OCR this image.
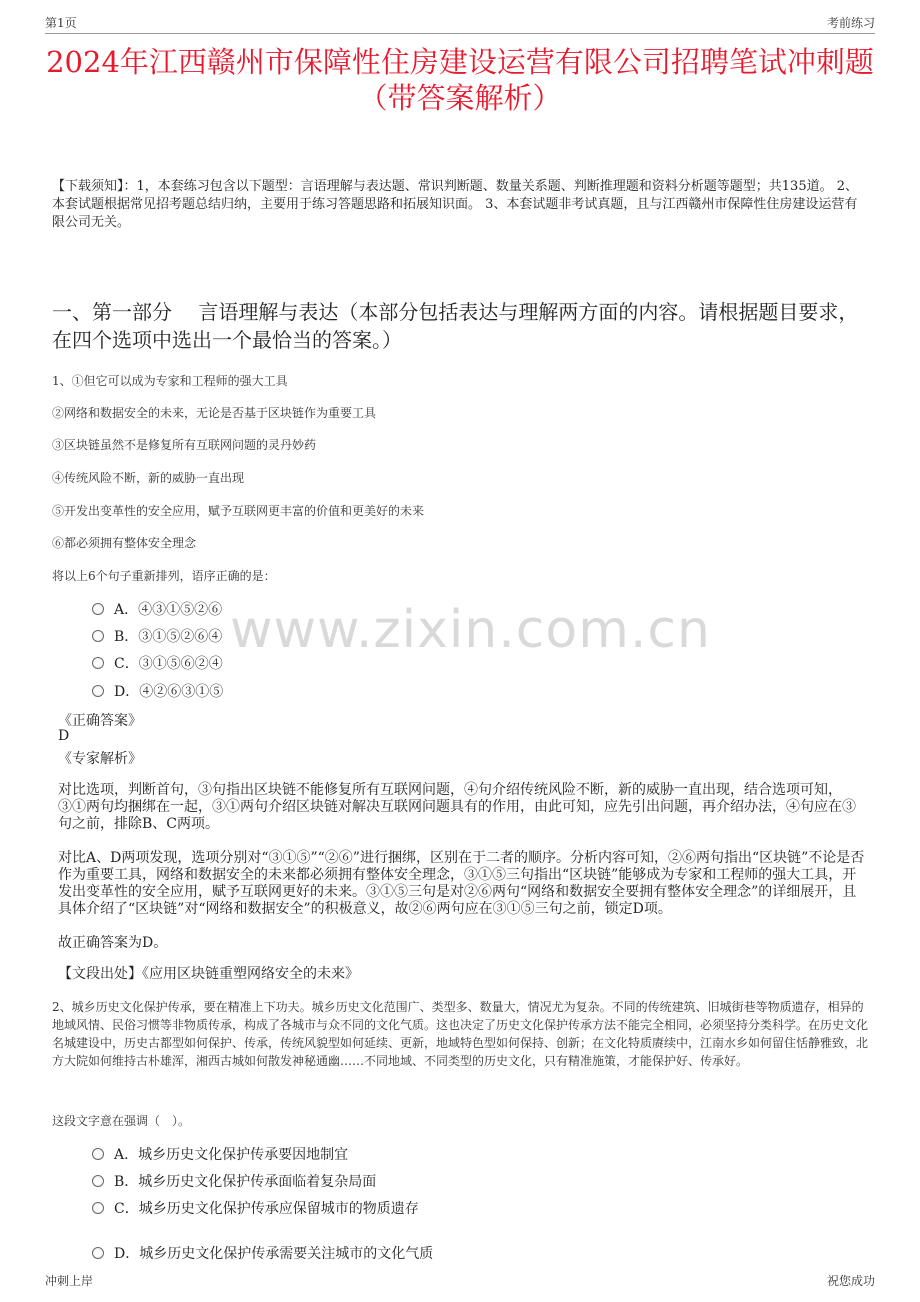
第1页	考前练习
2024年江西赣州市保障性住房建设运营有限公司招聘笔试冲刺题（带答案解析）
【下载须知】：1，本套练习包含以下题型：言语理解与表达题、常识判断题、数量关系题、判断推理题和资料分析题等题型；共135道。 2、本套试题根据常见招考题总结归纳，主要用于练习答题思路和拓展知识面。 3、本套试题非考试真题，且与江西赣州市保障性住房建设运营有限公司无关。
一、第一部分　 言语理解与表达（本部分包括表达与理解两方面的内容。请根据题目要求，在四个选项中选出一个最恰当的答案。）
1、①但它可以成为专家和工程师的强大工具
②网络和数据安全的未来，无论是否基于区块链作为重要工具
③区块链虽然不是修复所有互联网问题的灵丹妙药
④传统风险不断，新的威胁一直出现
⑤开发出变革性的安全应用，赋予互联网更丰富的价值和更美好的未来
⑥都必须拥有整体安全理念
将以上6个句子重新排列，语序正确的是：
A．④③①⑤②⑥
B．③①⑤②⑥④
C．③①⑤⑥②④
D．④②⑥③①⑤
www.zixin.com.cn
《正确答案》
D
《专家解析》
对比选项，判断首句，③句指出区块链不能修复所有互联网问题，④句介绍传统风险不断，新的威胁一直出现，结合选项可知，③①两句均捆绑在一起，③①两句介绍区块链对解决互联网问题具有的作用，由此可知，应先引出问题，再介绍办法，④句应在③句之前，排除B、C两项。
对比A、D两项发现，选项分别对“③①⑤”“②⑥”进行捆绑，区别在于二者的顺序。分析内容可知，②⑥两句指出“区块链”不论是否作为重要工具，网络和数据安全的未来都必须拥有整体安全理念，③①⑤三句指出“区块链”能够成为专家和工程师的强大工具，开发出变革性的安全应用，赋予互联网更好的未来。③①⑤三句是对②⑥两句“网络和数据安全要拥有整体安全理念”的详细展开，且具体介绍了“区块链”对“网络和数据安全”的积极意义，故②⑥两句应在③①⑤三句之前，锁定D项。
故正确答案为D。
【文段出处】《应用区块链重塑网络安全的未来》
2、城乡历史文化保护传承，要在精准上下功夫。城乡历史文化范围广、类型多、数量大，情况尤为复杂。不同的传统建筑、旧城街巷等物质遗存，相异的地域风情、民俗习惯等非物质传承，构成了各城市与众不同的文化气质。这也决定了历史文化保护传承方法不能完全相同，必须坚持分类科学。在历史文化名城建设中，历史古都型如何保护、传承，传统风貌型如何延续、更新，地域特色型如何保持、创新；在文化特质赓续中，江南水乡如何留住恬静雅致，北方大院如何维持古朴雄浑，湘西古城如何散发神秘通幽……不同地域、不同类型的历史文化，只有精准施策，才能保护好、传承好。
这段文字意在强调（　）。
A．城乡历史文化保护传承要因地制宜
B．城乡历史文化保护传承面临着复杂局面
C．城乡历史文化保护传承应保留城市的物质遗存
D．城乡历史文化保护传承需要关注城市的文化气质
冲刺上岸	祝您成功
